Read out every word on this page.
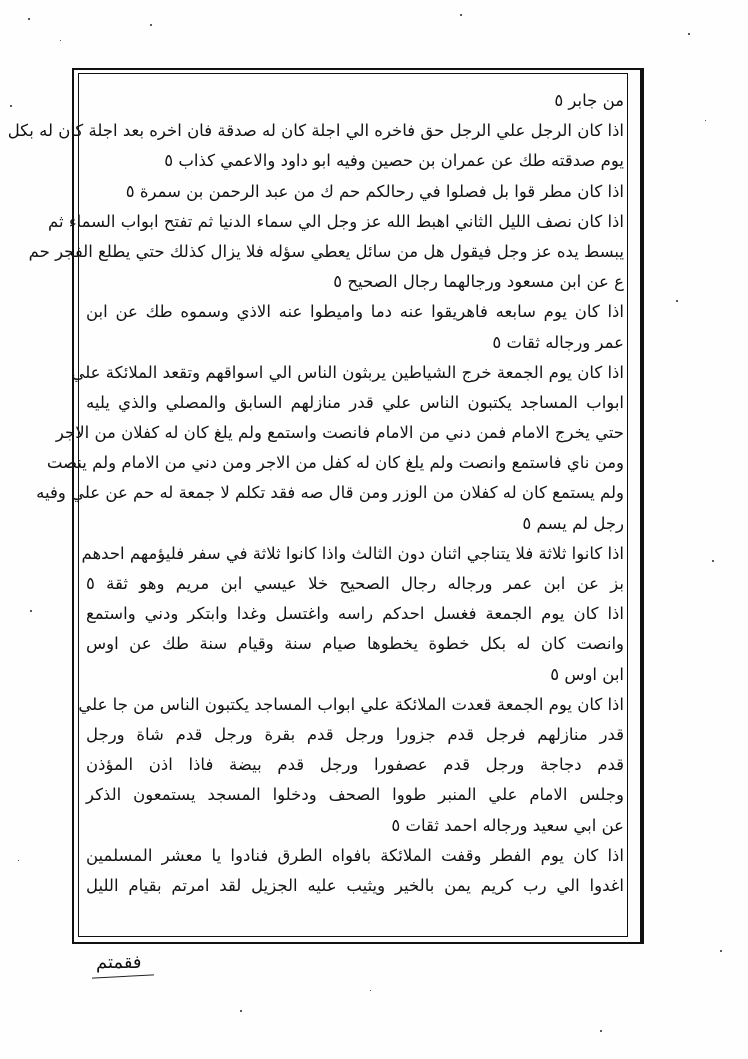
من جابر ٥
اذا كان الرجل علي الرجل حق فاخره الي اجلة كان له صدقة فان اخره بعد اجلة كان له بكل
يوم صدقته طك عن عمران بن حصين وفيه ابو داود والاعمي كذاب ٥
اذا كان مطر قوا بل فصلوا في رحالكم حم ك من عبد الرحمن بن سمرة ٥
اذا كان نصف الليل الثاني اهبط الله عز وجل الي سماء الدنيا ثم تفتح ابواب السماء ثم
يبسط يده عز وجل فيقول هل من سائل يعطي سؤله فلا يزال كذلك حتي يطلع الفجر حم
ع عن ابن مسعود ورجالهما رجال الصحيح ٥
اذا كان يوم سابعه فاهريقوا عنه دما واميطوا عنه الاذي وسموه طك عن ابن
عمر ورجاله ثقات ٥
اذا كان يوم الجمعة خرج الشياطين يربثون الناس الي اسواقهم وتقعد الملائكة علي
ابواب المساجد يكتبون الناس علي قدر منازلهم السابق والمصلي والذي يليه
حتي يخرج الامام فمن دني من الامام فانصت واستمع ولم يلغ كان له كفلان من الاجر
ومن ناي فاستمع وانصت ولم يلغ كان له كفل من الاجر ومن دني من الامام ولم ينصت
ولم يستمع كان له كفلان من الوزر ومن قال صه فقد تكلم لا جمعة له حم عن علي وفيه
رجل لم يسم ٥
اذا كانوا ثلاثة فلا يتناجي اثنان دون الثالث واذا كانوا ثلاثة في سفر فليؤمهم احدهم
بز عن ابن عمر ورجاله رجال الصحيح خلا عيسي ابن مريم وهو ثقة ٥
اذا كان يوم الجمعة فغسل احدكم راسه واغتسل وغدا وابتكر ودني واستمع
وانصت كان له بكل خطوة يخطوها صيام سنة وقيام سنة طك عن اوس
ابن اوس ٥
اذا كان يوم الجمعة قعدت الملائكة علي ابواب المساجد يكتبون الناس من جا علي
قدر منازلهم فرجل قدم جزورا ورجل قدم بقرة ورجل قدم شاة ورجل
قدم دجاجة ورجل قدم عصفورا ورجل قدم بيضة فاذا اذن المؤذن
وجلس الامام علي المنبر طووا الصحف ودخلوا المسجد يستمعون الذكر
عن ابي سعيد ورجاله احمد ثقات ٥
اذا كان يوم الفطر وقفت الملائكة بافواه الطرق فنادوا يا معشر المسلمين
اغدوا الي رب كريم يمن بالخير ويثيب عليه الجزيل لقد امرتم بقيام الليل
فقمتم
